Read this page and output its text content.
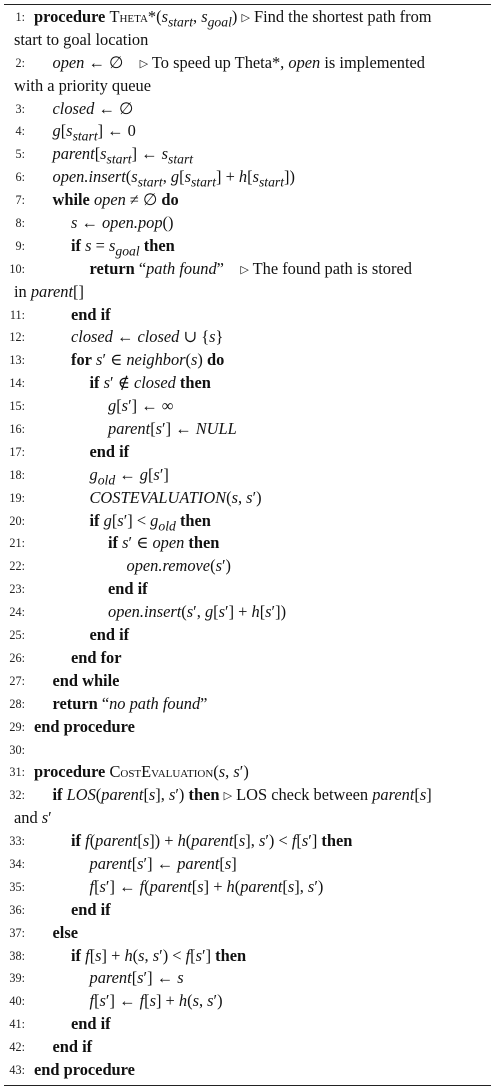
1: procedure $Theta*(s_{start}$, $s_{goal}$) ▷ Find the shortest path from
start to goal location
2: open ← ∅    ▷ To speed up Theta*, open is implemented
with a priority queue
3: closed ← ∅
4: $g[s_{start}]$ ← 0
5: $parent[s_{start}]$ ← $s_{start}$
6: $open.insert(s_{start}$, $g[s_{start}] + h[s_{start}]$)
7: while open ≠ ∅ do
8:	s ← open.pop()
9:	if $s = s_{goal}$ then
10:	return “path found”    ▷ The found path is stored
in parent[]
11:	end if
12:	closed ← closed ∪ {s}
13:	for s′ ∈ neighbor(s) do
14:	if s′ ∉ closed then
15:	g[s′] ← ∞
16:	parent[s′] ← NULL
17:	end if
18:	$g_{old}$ ← g[s′]
19:	COSTEVALUATION(s, s′)
20:	if $g[s'] < g_{old}$ then
21:	if s′ ∈ open then
22:	open.remove(s′)
23:	end if
24:	open.insert(s′, g[s′] + h[s′])
25:	end if
26:	end for
27: end while
28: return “no path found”
29: end procedure
30:
31: procedure CostEvaluation(s, s′)
32: if LOS(parent[s], s′) then ▷ LOS check between parent[s]
and s′
33:	if f(parent[s]) + h(parent[s], s′) < f[s′] then
34:	parent[s′] ← parent[s]
35:	f[s′] ← f(parent[s] + h(parent[s], s′)
36:	end if
37: else
38:	if f[s] + h(s, s′) < f[s′] then
39:	parent[s′] ← s
40:	f[s′] ← f[s] + h(s, s′)
41:	end if
42: end if
43: end procedure
